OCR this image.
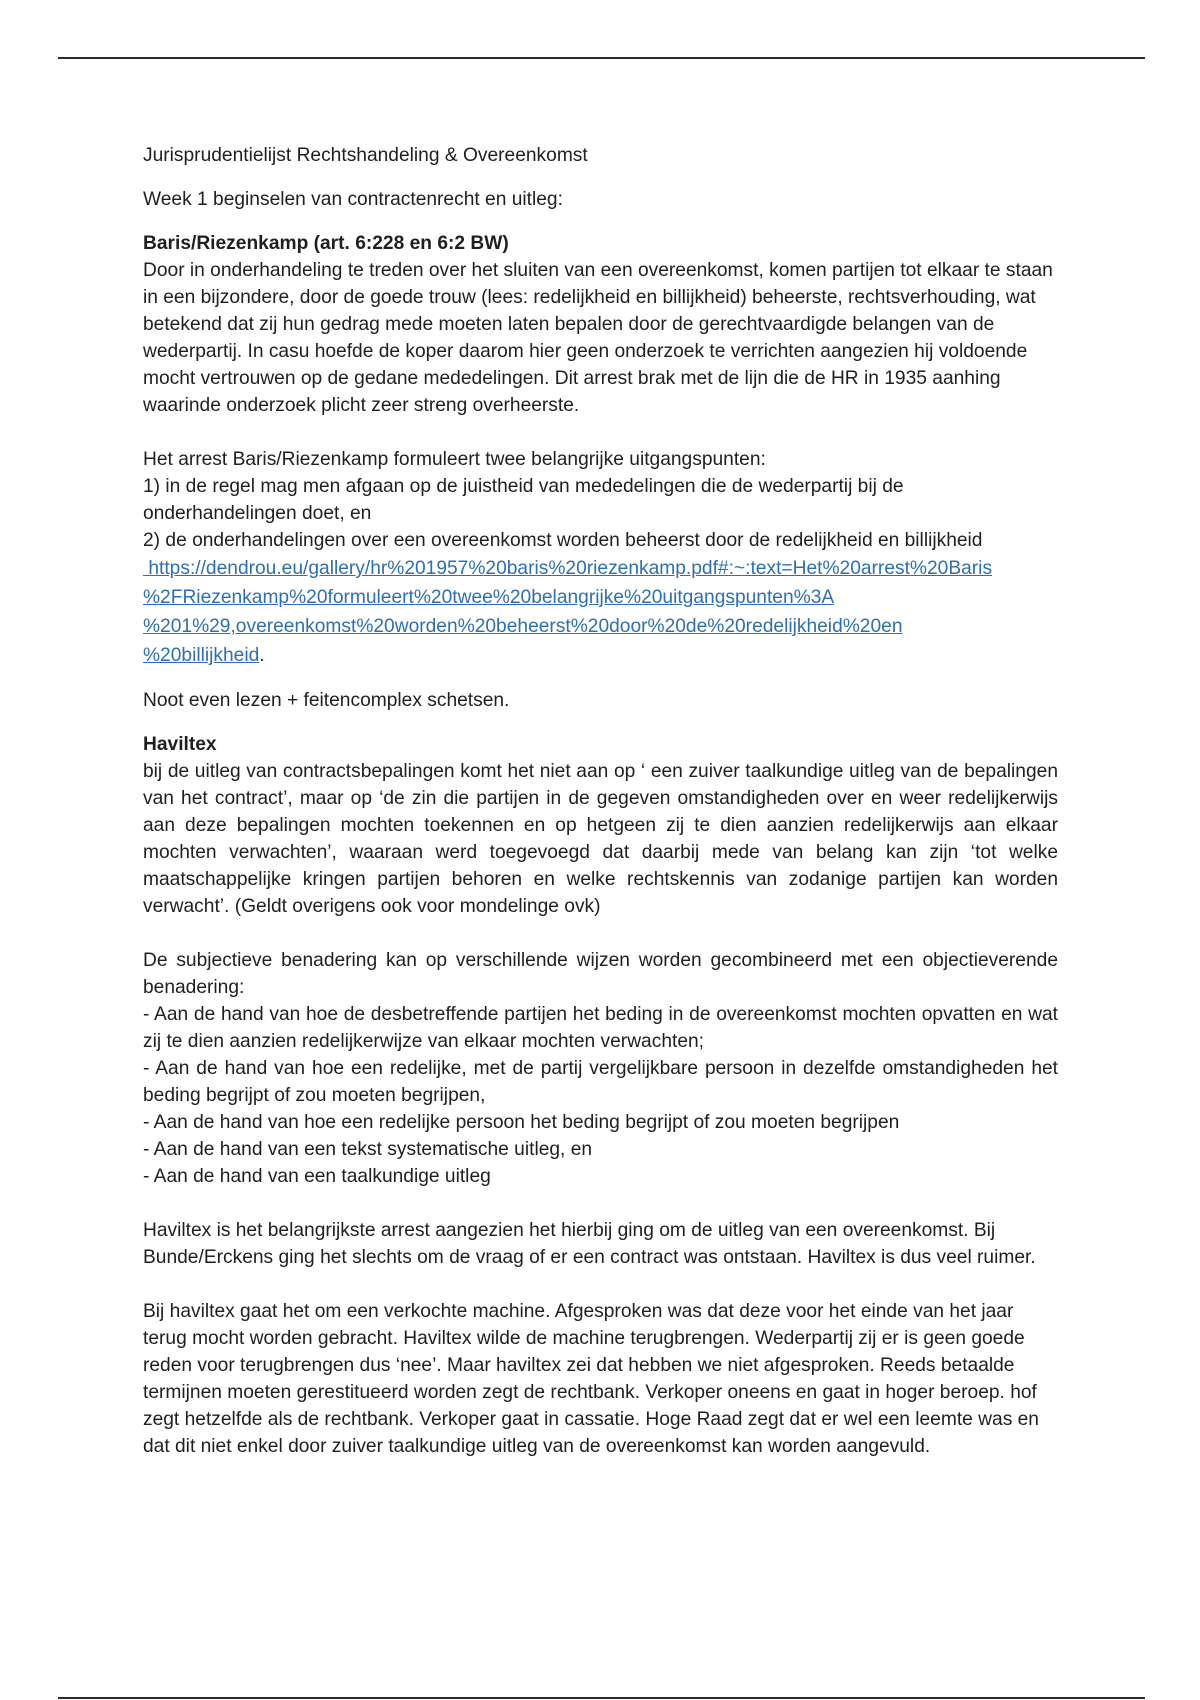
Jurisprudentielijst Rechtshandeling & Overeenkomst

Week 1 beginselen van contractenrecht en uitleg:

Baris/Riezenkamp (art. 6:228 en 6:2 BW)

Door in onderhandeling te treden over het sluiten van een overeenkomst, komen partijen tot elkaar te staan in een bijzondere, door de goede trouw (lees: redelijkheid en billijkheid) beheerste, rechtsverhouding, wat betekend dat zij hun gedrag mede moeten laten bepalen door de gerechtvaardigde belangen van de wederpartij. In casu hoefde de koper daarom hier geen onderzoek te verrichten aangezien hij voldoende mocht vertrouwen op de gedane mededelingen. Dit arrest brak met de lijn die de HR in 1935 aanhing waarinde onderzoek plicht zeer streng overheerste.

Het arrest Baris/Riezenkamp formuleert twee belangrijke uitgangspunten:

1) in de regel mag men afgaan op de juistheid van mededelingen die de wederpartij bij de onderhandelingen doet, en

2) de onderhandelingen over een overeenkomst worden beheerst door de redelijkheid en billijkheid

https://dendrou.eu/gallery/hr%201957%20baris%20riezenkamp.pdf#:~:text=Het%20arrest%20Baris
%2FRiezenkamp%20formuleert%20twee%20belangrijke%20uitgangspunten%3A
%201%29,overeenkomst%20worden%20beheerst%20door%20de%20redelijkheid%20en
%20billijkheid.

Noot even lezen + feitencomplex schetsen.

Haviltex

bij de uitleg van contractsbepalingen komt het niet aan op ‘ een zuiver taalkundige uitleg van de bepalingen van het contract’, maar op ‘de zin die partijen in de gegeven omstandigheden over en weer redelijkerwijs aan deze bepalingen mochten toekennen en op hetgeen zij te dien aanzien redelijkerwijs aan elkaar mochten verwachten’, waaraan werd toegevoegd dat daarbij mede van belang kan zijn ‘tot welke maatschappelijke kringen partijen behoren en welke rechtskennis van zodanige partijen kan worden verwacht’. (Geldt overigens ook voor mondelinge ovk)

De subjectieve benadering kan op verschillende wijzen worden gecombineerd met een objectieverende benadering:

- Aan de hand van hoe de desbetreffende partijen het beding in de overeenkomst mochten opvatten en wat zij te dien aanzien redelijkerwijze van elkaar mochten verwachten;

- Aan de hand van hoe een redelijke, met de partij vergelijkbare persoon in dezelfde omstandigheden het beding begrijpt of zou moeten begrijpen,

- Aan de hand van hoe een redelijke persoon het beding begrijpt of zou moeten begrijpen

- Aan de hand van een tekst systematische uitleg, en

- Aan de hand van een taalkundige uitleg

Haviltex is het belangrijkste arrest aangezien het hierbij ging om de uitleg van een overeenkomst. Bij Bunde/Erckens ging het slechts om de vraag of er een contract was ontstaan. Haviltex is dus veel ruimer.

Bij haviltex gaat het om een verkochte machine. Afgesproken was dat deze voor het einde van het jaar terug mocht worden gebracht. Haviltex wilde de machine terugbrengen. Wederpartij zij er is geen goede reden voor terugbrengen dus ‘nee’. Maar haviltex zei dat hebben we niet afgesproken. Reeds betaalde termijnen moeten gerestitueerd worden zegt de rechtbank. Verkoper oneens en gaat in hoger beroep. hof zegt hetzelfde als de rechtbank. Verkoper gaat in cassatie. Hoge Raad zegt dat er wel een leemte was en dat dit niet enkel door zuiver taalkundige uitleg van de overeenkomst kan worden aangevuld.
